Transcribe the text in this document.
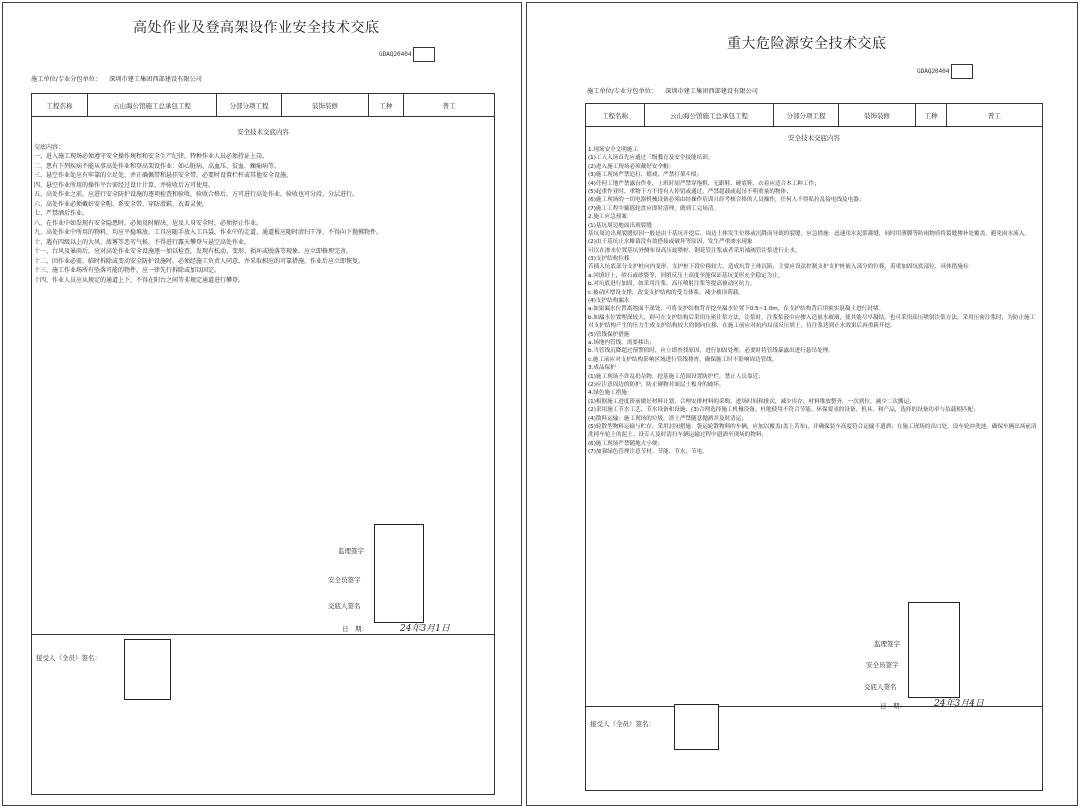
高处作业及登高架设作业安全技术交底
GDAQ20404
施工单位/专业分包单位： 深圳市建工集团西部建设有限公司
工程名称	云山海公馆施工总承包工程	分部分项工程	装饰装修	工种	普工
安全技术交底内容
交底内容：
一、进入施工现场必须遵守安全操作规程和安全生产纪律，特种作业人员必须持证上岗。
二、患有下列疾病不能从事高处作业和登高架设作业：如心脏病、高血压、贫血、癫痫病等。
三、悬空作业处应有牢靠的立足处，并正确佩带和悬挂安全带，必要时设置栏杆或其他安全设施。
四、悬空作业所用的操作平台需经过设计计算，并验收后方可使用。
五、高处作业之前，应进行安全防护设施的逐项检查和验收，验收合格后，方可进行高处作业，验收也可分段、分层进行。
六、高处作业必须戴好安全帽、系安全带、穿防滑鞋、衣着灵便。
七、严禁酒后作业。
八、在作业中如发现有安全隐患时，必须及时解决，危及人身安全时，必须停止作业。
九、高处作业中所用的物料，均应平稳堆放，工具应随手放入工具袋，作业中的走道、通道板应随时清扫干净，不得向下抛掷物件。
十、遇有四级以上的大风、浓雾等恶劣气候，不得进行露天攀登与悬空高处作业。
十一、台风及暴雨后，应对高处作业安全设施逐一加以检查，发现有松动、变形、损坏或脱落等现象，应立即修理完善。
十二、因作业必需，临时拆除或变动安全防护设施时，必须经施工负责人同意，并采取相应的可靠措施，作业后应立即恢复。
十三、施工作业场所有坠落可能的物件，应一律先行拆除或加以固定。
十四、作业人员应从规定的通道上下，不得在阳台之间等非规定通道进行攀登。
监理签字
安全员签字
交底人签名
日　期：	24年3月1日
接受人（全员）签名：
重大危险源安全技术交底
GDAQ20404
施工单位/专业分包单位： 深圳市建工集团西部建设有限公司
工程名称	云山海公馆施工总承包工程	分部分项工程	装饰装修	工种	普工
安全技术交底内容
1.现场安全文明施工
(1)工人入场首先应通过三级教育及安全技能培训；
(2)进入施工现场必须戴好安全帽；
(3)施工现场严禁追打、嬉戏，严禁打架斗殴；
(4)任何工地严禁露台作业，上班时间严禁穿拖鞋、无跟鞋、硬底鞋，衣着应适合本工种工作；
(5)起重作业时，重物下方不得有人停留或通过，严禁超载或起吊不明重量的物体；
(6)施工现场的一切电器机械设备必须由经操作培训且经考核合格的人员操作，任何人不得私拉乱接电线及电器；
(7)施工工程中戴摇轮盘应即时清理，做到工完场清。
2.施工应急预案
(1)基坑周边地面出现裂缝
基坑周边出现裂缝原因一般是由于基坑开挖后，周边土体发生位移或沉降而导致的裂缝。应急措施：迅速用水泥浆灌缝，同时用薄膜等防雨物质将裂缝掺补处覆盖，避免雨水流入。
(2)由于基坑止水帷幕没有效搭接或破坏等原因，发生严重渗水现象
可以在渗水位置基坑外侧布设高压旋喷桩、钢花管注浆或者采用袖阀管注浆进行止水。
(3)支护结构位移
若插入坑底部分支护桩向内变形，支护桩下段位移较大，造成坑背土体沉陷，主要应设法控制支护支护桩嵌入部分的位移，着重加固坑底部位，具体措施有：
a.回填好土，砂石或砂袋等，回填反压土高度至能保证基坑变形充全稳定为止。
b.对坑底进行加固，如采用注浆、高压喷射注浆等提高被动区抗力。
c.被动区增设支撑，改变支护结构的受力体系，减少被顶荷载。
(4)支护结构漏水
a.如果漏水位置离地面不深处，可将支护结构背开挖至漏水位置下0.5~1.0m，在支护结构背后用密实混凝土进行封堵。
b.如漏水位置埋深较大，则可在支护结构后采用压密注浆方法，注浆时，注浆浆液中应掺入适量水玻璃，使其能尽早凝结，也可采用高压喷射注浆方法，采用压密注浆时，为防止施工对支护结构产生的压力生成支护结构较大的倒向位移，在施工前应对抗内局部反压填土，待注浆达到止水效果后再重新开挖。
(5)管线保护措施
a.场地内管线，需要移出；
b.当管线沉降超过预警值时，应立即查找原因，进行加固处理，必要时将管线暴露出进行悬吊处理。
c.施工前应对支护结构影响区域进行管线排查，确保施工时不影响周边管线。
3.成品保护
(1)施工现场不许乱扔杂物，挖基施工范围设置防护栏，禁止人员靠近；
(2)应注意周边的防护，防止硬物对面层土板身的破坏。
4.绿色施工措施：
(1)根据施工进度资前做好材料计划，合理安排材料的采购、进场时间和批次，减少库存，材料堆放整齐，一次到位，减少二次搬运；
(2)采用施工节水工艺、节水设备和设施；(3)合理选择施工机械设备、杜绝使用不符合节能、环保要求的设备、机具、和产品，选择的设备功率与负载相匹配；
(4)散料运输：施工现场的垃圾，渣土严禁随意抛洒并及时清运；
(5)轮散型物料运输与贮存，采用封闭措施：袋运轮散物料的车辆，应加以覆盖(盖上苫布)，并确保装车高度符合运输不遗洒；在施工现场的出口处，设车轮冲洗池，确保车辆出场前清洗掉车轮上的泥土；设专人及时清扫车辆运输过程中遗洒至现场的物料；
(6)施工现场严禁随地大小便；
(7)加强绿色管理注意节材、节能、节水、节电。
监理签字
安全员签字
交底人签名
日　期：	24年3月4日
接受人（全员）签名：
